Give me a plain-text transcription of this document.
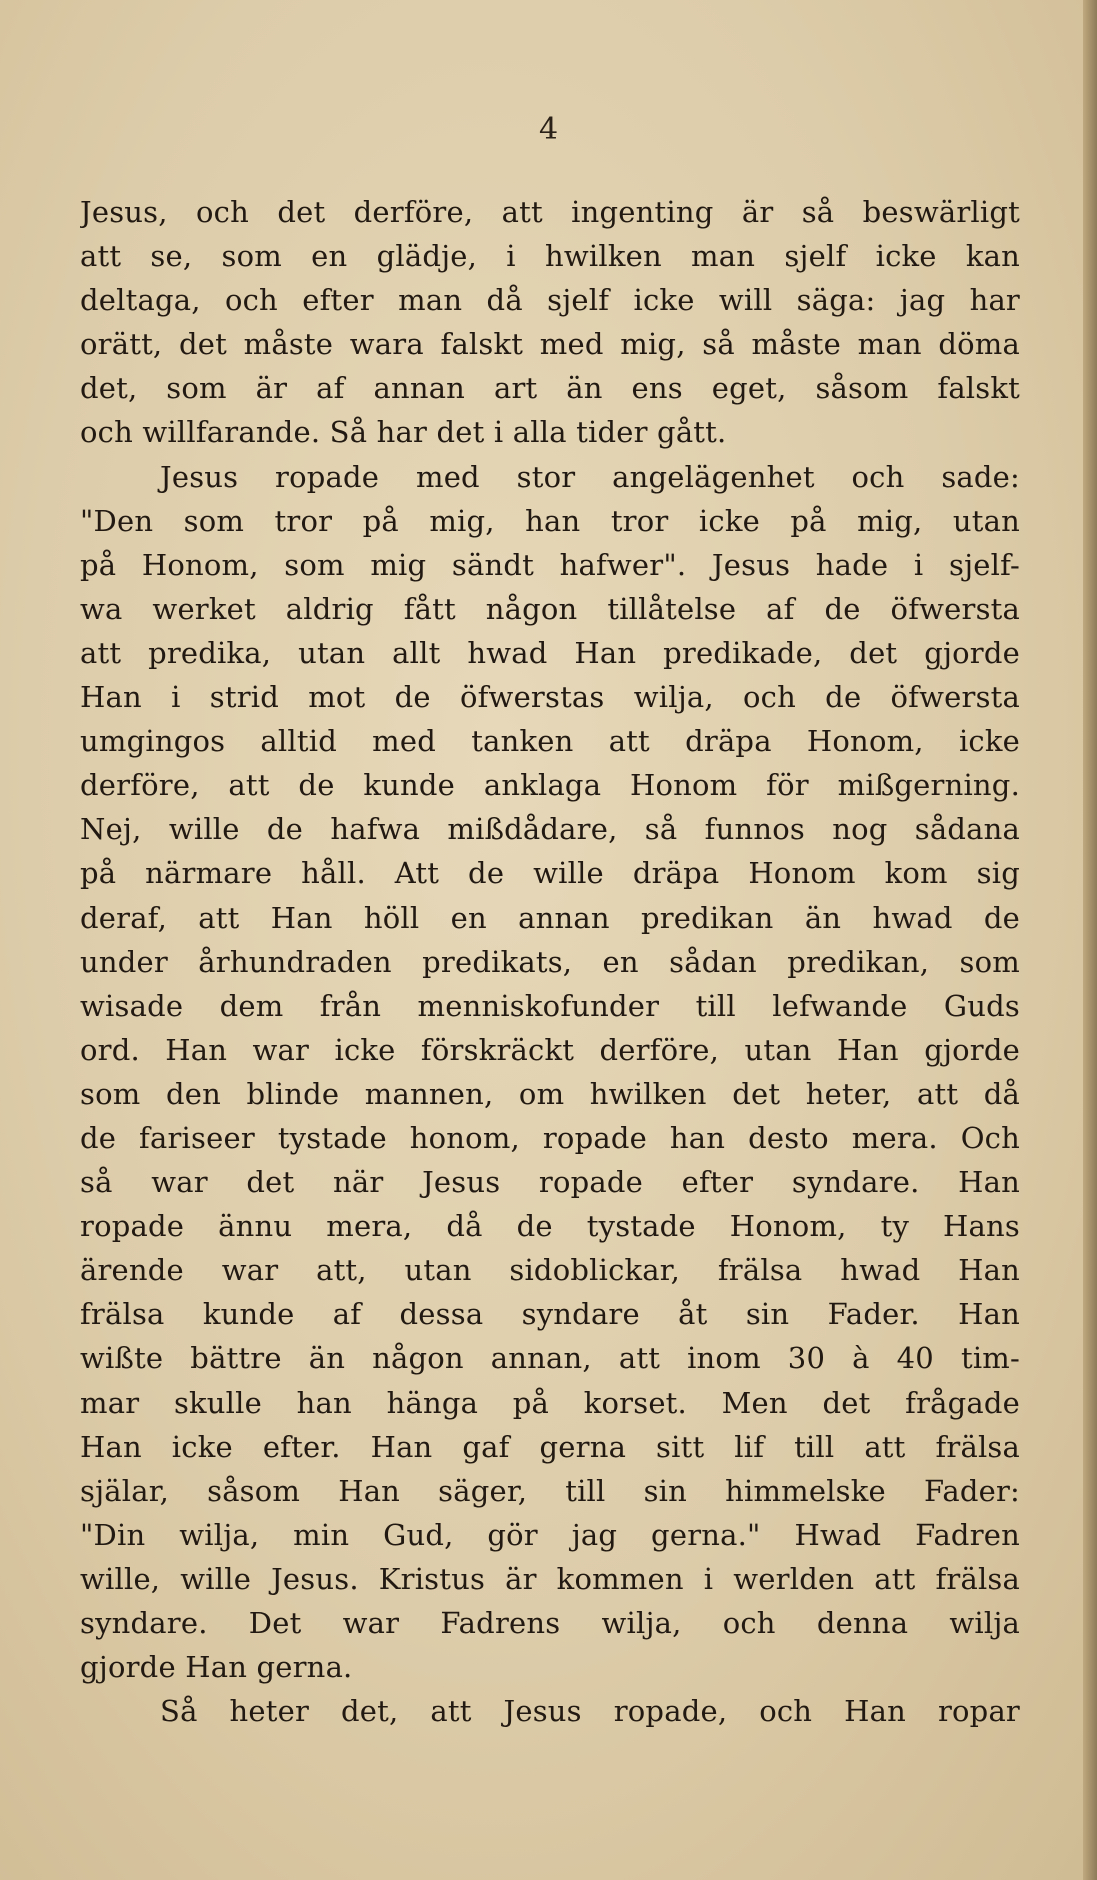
4
Jesus, och det derföre, att ingenting är så beswärligt
att se, som en glädje, i hwilken man sjelf icke kan
deltaga, och efter man då sjelf icke will säga: jag har
orätt, det måste wara falskt med mig, så måste man döma
det, som är af annan art än ens eget, såsom falskt
och willfarande. Så har det i alla tider gått.
Jesus ropade med stor angelägenhet och sade:
"Den som tror på mig, han tror icke på mig, utan
på Honom, som mig sändt hafwer". Jesus hade i sjelf-
wa werket aldrig fått någon tillåtelse af de öfwersta
att predika, utan allt hwad Han predikade, det gjorde
Han i strid mot de öfwerstas wilja, och de öfwersta
umgingos alltid med tanken att dräpa Honom, icke
derföre, att de kunde anklaga Honom för mißgerning.
Nej, wille de hafwa mißdådare, så funnos nog sådana
på närmare håll. Att de wille dräpa Honom kom sig
deraf, att Han höll en annan predikan än hwad de
under århundraden predikats, en sådan predikan, som
wisade dem från menniskofunder till lefwande Guds
ord. Han war icke förskräckt derföre, utan Han gjorde
som den blinde mannen, om hwilken det heter, att då
de fariseer tystade honom, ropade han desto mera. Och
så war det när Jesus ropade efter syndare. Han
ropade ännu mera, då de tystade Honom, ty Hans
ärende war att, utan sidoblickar, frälsa hwad Han
frälsa kunde af dessa syndare åt sin Fader. Han
wißte bättre än någon annan, att inom 30 à 40 tim-
mar skulle han hänga på korset. Men det frågade
Han icke efter. Han gaf gerna sitt lif till att frälsa
själar, såsom Han säger, till sin himmelske Fader:
"Din wilja, min Gud, gör jag gerna." Hwad Fadren
wille, wille Jesus. Kristus är kommen i werlden att frälsa
syndare. Det war Fadrens wilja, och denna wilja
gjorde Han gerna.
Så heter det, att Jesus ropade, och Han ropar
